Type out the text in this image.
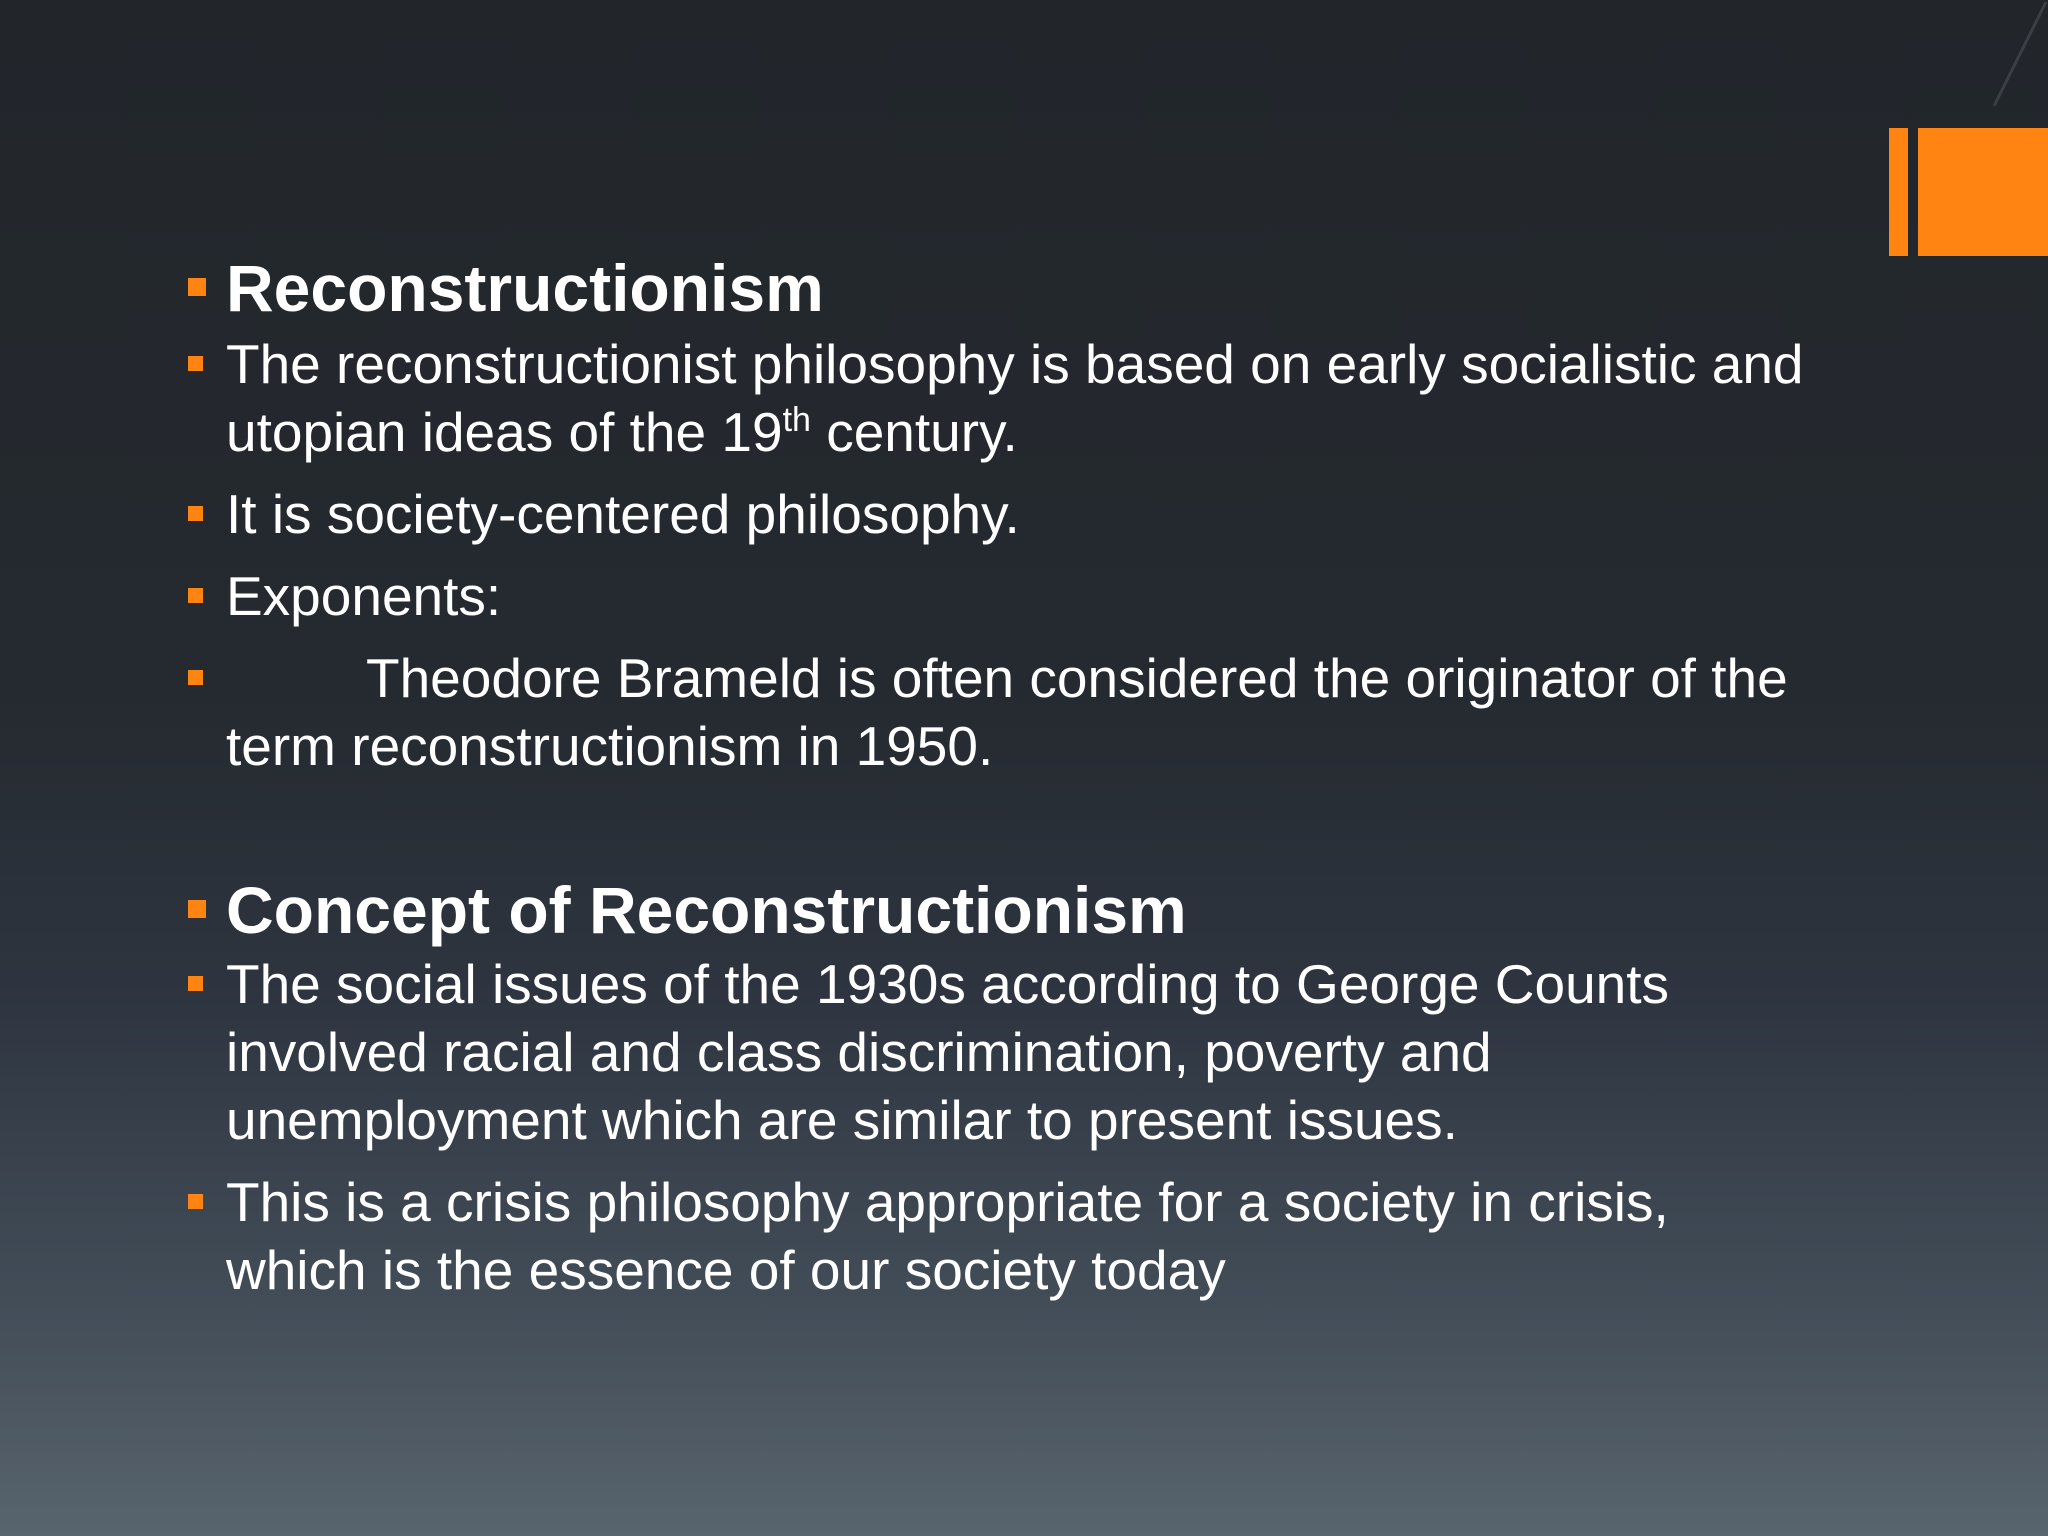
Reconstructionism
The reconstructionist philosophy is based on early socialistic and utopian ideas of the 19th century.
It is society-centered philosophy.
Exponents:
Theodore Brameld is often considered the originator of the term reconstructionism in 1950.
Concept of Reconstructionism
The social issues of the 1930s according to George Counts involved racial and class discrimination, poverty and unemployment which are similar to present issues.
This is a crisis philosophy appropriate for a society in crisis, which is the essence of our society today
